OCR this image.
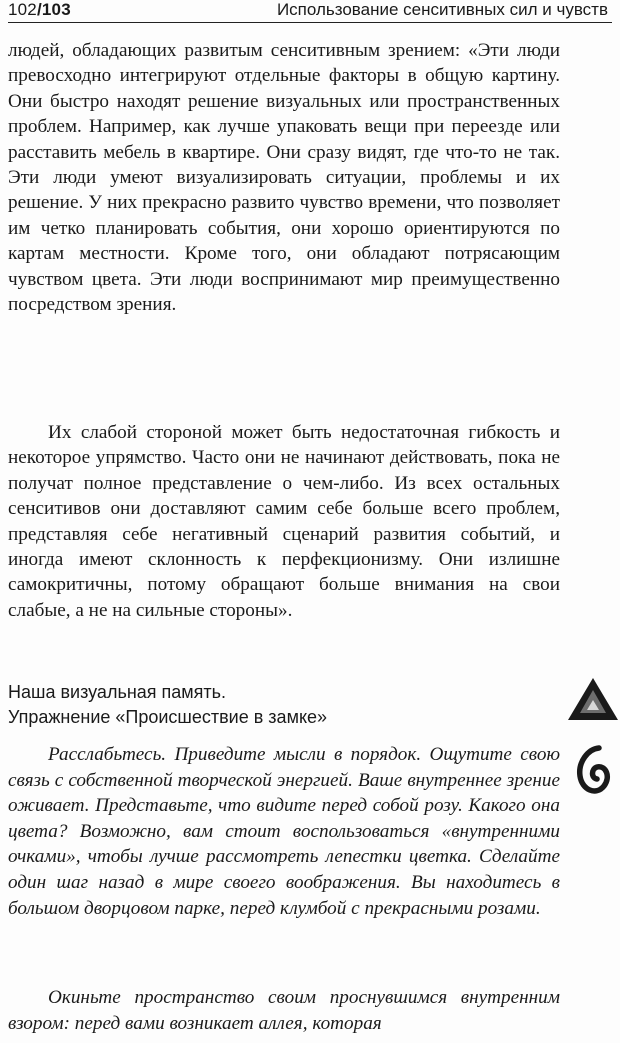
102/103	Использование сенситивных сил и чувств

людей, обладающих развитым сенситивным зрением: «Эти люди превосходно интегрируют отдельные факторы в общую картину. Они быстро находят решение визуальных или пространственных проблем. Например, как лучше упаковать вещи при переезде или расставить мебель в квартире. Они сразу видят, где что-то не так. Эти люди умеют визуализировать ситуации, проблемы и их решение. У них прекрасно развито чувство времени, что позволяет им четко планировать события, они хорошо ориентируются по картам местности. Кроме того, они обладают потрясающим чувством цвета. Эти люди воспринимают мир преимущественно посредством зрения.

Их слабой стороной может быть недостаточная гибкость и некоторое упрямство. Часто они не начинают действовать, пока не получат полное представление о чем-либо. Из всех остальных сенситивов они доставляют самим себе больше всего проблем, представляя себе негативный сценарий развития событий, и иногда имеют склонность к перфекционизму. Они излишне самокритичны, потому обращают больше внимания на свои слабые, а не на сильные стороны».

Наша визуальная память.
Упражнение «Происшествие в замке»

Расслабьтесь. Приведите мысли в порядок. Ощутите свою связь с собственной творческой энергией. Ваше внутреннее зрение оживает. Представьте, что видите перед собой розу. Какого она цвета? Возможно, вам стоит воспользоваться «внутренними очками», чтобы лучше рассмотреть лепестки цветка. Сделайте один шаг назад в мире своего воображения. Вы находитесь в большом дворцовом парке, перед клумбой с прекрасными розами.

Окиньте пространство своим проснувшимся внутренним взором: перед вами возникает аллея, которая
